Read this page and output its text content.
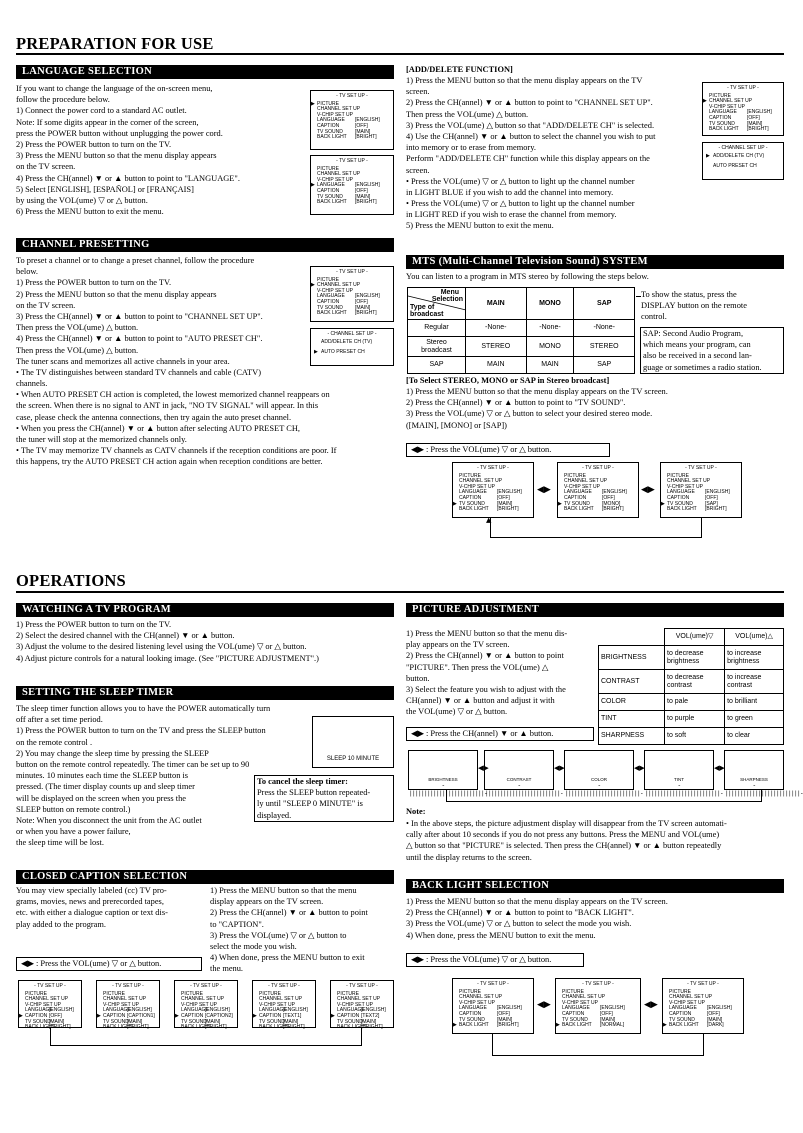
PREPARATION FOR USE
LANGUAGE SELECTION
If you want to change the language of the on-screen menu,
follow the procedure below.
1) Connect the power cord to a standard AC outlet.
Note: If some digits appear in the corner of the screen,
press the POWER button without unplugging the power cord.
2) Press the POWER button to turn on the TV.
3) Press the MENU button so that the menu display appears
on the TV screen.
4) Press the CH(annel) ▼ or ▲ button to point to "LANGUAGE".
5) Select [ENGLISH], [ESPAÑOL] or [FRANÇAIS]
by using the VOL(ume) ▽ or △ button.
6) Press the MENU button to exit the menu.
- TV SET UP -
▶ PICTURE
CHANNEL SET UP
V-CHIP SET UP
LANGUAGE [ENGLISH]
CAPTION	[OFF]
TV SOUND [MAIN]
BACK LIGHT [BRIGHT]
- TV SET UP -
PICTURE
CHANNEL SET UP
V-CHIP SET UP
▶ LANGUAGE [ENGLISH]
CAPTION	[OFF]
TV SOUND [MAIN]
BACK LIGHT [BRIGHT]
CHANNEL PRESETTING
To preset a channel or to change a preset channel, follow the procedure
below.
1) Press the POWER button to turn on the TV.
2) Press the MENU button so that the menu display appears
on the TV screen.
3) Press the CH(annel) ▼ or ▲ button to point to "CHANNEL SET UP".
Then press the VOL(ume) △ button.
4) Press the CH(annel) ▼ or ▲ button to point to "AUTO PRESET CH".
Then press the VOL(ume) △ button.
The tuner scans and memorizes all active channels in your area.
• The TV distinguishes between standard TV channels and cable (CATV)
channels.
• When AUTO PRESET CH action is completed, the lowest memorized channel reappears on
the screen. When there is no signal to ANT in jack, "NO TV SIGNAL" will appear. In this
case, please check the antenna connections, then try again the auto preset channel.
• When you press the CH(annel) ▼ or ▲ button after selecting AUTO PRESET CH,
the tuner will stop at the memorized channels only.
• The TV may memorize TV channels as CATV channels if the reception conditions are poor. If
this happens, try the AUTO PRESET CH action again when reception conditions are better.
- TV SET UP -
PICTURE
▶ CHANNEL SET UP
V-CHIP SET UP
LANGUAGE [ENGLISH]
CAPTION	[OFF]
TV SOUND [MAIN]
BACK LIGHT [BRIGHT]
- CHANNEL SET UP -
ADD/DELETE CH (TV)
▶ AUTO PRESET CH
[ADD/DELETE FUNCTION]
1) Press the MENU button so that the menu display appears on the TV
screen.
2) Press the CH(annel) ▼ or ▲ button to point to "CHANNEL SET UP".
Then press the VOL(ume) △ button.
3) Press the VOL(ume) △ button so that "ADD/DELETE CH" is selected.
4) Use the CH(annel) ▼ or ▲ button to select the channel you wish to put
into memory or to erase from memory.
Perform "ADD/DELETE CH" function while this display appears on the
screen.
• Press the VOL(ume) ▽ or △ button to light up the channel number
in LIGHT BLUE if you wish to add the channel into memory.
• Press the VOL(ume) ▽ or △ button to light up the channel number
in LIGHT RED if you wish to erase the channel from memory.
5) Press the MENU button to exit the menu.
- TV SET UP -
PICTURE
▶ CHANNEL SET UP
V-CHIP SET UP
LANGUAGE [ENGLISH]
CAPTION	[OFF]
TV SOUND [MAIN]
BACK LIGHT [BRIGHT]
- CHANNEL SET UP -
▶ ADD/DELETE CH (TV)
AUTO PRESET CH
MTS (Multi-Channel Television Sound) SYSTEM
You can listen to a program in MTS stereo by following the steps below.
Menu
Selection
Type of
broadcast	MAIN	MONO	SAP
Regular	-None-	-None-	-None-
Stereo broadcast	STEREO	MONO	STEREO
SAP	MAIN	MAIN	SAP
To show the status, press the
DISPLAY button on the remote
control.
SAP: Second Audio Program,
which means your program, can
also be received in a second lan-
guage or sometimes a radio station.
[To Select STEREO, MONO or SAP in Stereo broadcast]
1) Press the MENU button so that the menu display appears on the TV screen.
2) Press the CH(annel) ▼ or ▲ button to point to "TV SOUND".
3) Press the VOL(ume) ▽ or △ button to select your desired stereo mode.
([MAIN], [MONO] or [SAP])
◀▶ : Press the VOL(ume) ▽ or △ button.
- TV SET UP -
PICTURE
CHANNEL SET UP
V-CHIP SET UP
LANGUAGE [ENGLISH]
CAPTION	[OFF]
▶ TV SOUND [MAIN]
BACK LIGHT [BRIGHT]
- TV SET UP -
PICTURE
CHANNEL SET UP
V-CHIP SET UP
LANGUAGE [ENGLISH]
CAPTION	[OFF]
▶ TV SOUND [MONO]
BACK LIGHT [BRIGHT]
- TV SET UP -
PICTURE
CHANNEL SET UP
V-CHIP SET UP
LANGUAGE [ENGLISH]
CAPTION	[OFF]
▶ TV SOUND [SAP]
BACK LIGHT [BRIGHT]
◀▶	◀▶
▲
OPERATIONS
WATCHING A TV PROGRAM
1) Press the POWER button to turn on the TV.
2) Select the desired channel with the CH(annel) ▼ or ▲ button.
3) Adjust the volume to the desired listening level using the VOL(ume) ▽ or △ button.
4) Adjust picture controls for a natural looking image. (See "PICTURE ADJUSTMENT".)
SETTING THE SLEEP TIMER
The sleep timer function allows you to have the POWER automatically turn
off after a set time period.
1) Press the POWER button to turn on the TV and press the SLEEP button
on the remote control .
2) You may change the sleep time by pressing the SLEEP
button on the remote control repeatedly. The timer can be set up to 90
minutes. 10 minutes each time the SLEEP button is
pressed. (The timer display counts up and sleep timer
will be displayed on the screen when you press the
SLEEP button on remote control.)
Note: When you disconnect the unit from the AC outlet
or when you have a power failure,
the sleep time will be lost.
SLEEP 10 MINUTE
To cancel the sleep timer:
Press the SLEEP button repeated-
ly until "SLEEP 0 MINUTE" is
displayed.
CLOSED CAPTION SELECTION
You may view specially labeled (cc) TV pro-
grams, movies, news and prerecorded tapes,
etc. with either a dialogue caption or text dis-
play added to the program.
1) Press the MENU button so that the menu
display appears on the TV screen.
2) Press the CH(annel) ▼ or ▲ button to point
to "CAPTION".
3) Press the VOL(ume) ▽ or △ button to
select the mode you wish.
4) When done, press the MENU button to exit
the menu.
◀▶ : Press the VOL(ume) ▽ or △ button.
- TV SET UP -
PICTURE
CHANNEL SET UP
V-CHIP SET UP
LANGUAGE
[ENGLISH]
▶ CAPTION [OFF]
TV SOUND
[MAIN]
BACK LIGHT
[BRIGHT]
- TV SET UP -
PICTURE
CHANNEL SET UP
V-CHIP SET UP
LANGUAGE
[ENGLISH]
▶ CAPTION [CAPTION1]
TV SOUND
[MAIN]
BACK LIGHT
[BRIGHT]
- TV SET UP -
PICTURE
CHANNEL SET UP
V-CHIP SET UP
LANGUAGE
[ENGLISH]
▶ CAPTION [CAPTION2]
TV SOUND
[MAIN]
BACK LIGHT
[BRIGHT]
- TV SET UP -
PICTURE
CHANNEL SET UP
V-CHIP SET UP
LANGUAGE
[ENGLISH]
▶ CAPTION [TEXT1]
TV SOUND
[MAIN]
BACK LIGHT
[BRIGHT]
- TV SET UP -
PICTURE
CHANNEL SET UP
V-CHIP SET UP
LANGUAGE
[ENGLISH]
▶ CAPTION [TEXT2]
TV SOUND
[MAIN]
BACK LIGHT
[BRIGHT]
PICTURE ADJUSTMENT
1) Press the MENU button so that the menu dis-
play appears on the TV screen.
2) Press the CH(annel) ▼ or ▲ button to point
"PICTURE". Then press the VOL(ume) △
button.
3) Select the feature you wish to adjust with the
CH(annel) ▼ or ▲ button and adjust it with
the VOL(ume) ▽ or △ button.
	VOL(ume)▽	VOL(ume)△
BRIGHTNESS	to decrease brightness	to increase brightness
CONTRAST	to decrease contrast	to increase contrast
COLOR	to pale	to brilliant
TINT	to purple	to green
SHARPNESS	to soft	to clear
◀▶ : Press the CH(annel) ▼ or ▲ button.
BRIGHTNESS
-|||||||||||||||||||||||||-
◀▶
CONTRAST
-|||||||||||||||||||||||||-
◀▶
COLOR
-|||||||||||||||||||||||||-
◀▶
TINT
-|||||||||||||||||||||||||-
◀▶
SHARPNESS
-|||||||||||||||||||||||||-
Note:
• In the above steps, the picture adjustment display will disappear from the TV screen automati-
cally after about 10 seconds if you do not press any buttons. Press the MENU and VOL(ume)
△ button so that "PICTURE" is selected. Then press the CH(annel) ▼ or ▲ button repeatedly
until the display returns to the screen.
BACK LIGHT SELECTION
1) Press the MENU button so that the menu display appears on the TV screen.
2) Press the CH(annel) ▼ or ▲ button to point to "BACK LIGHT".
3) Press the VOL(ume) ▽ or △ button to select the mode you wish.
4) When done, press the MENU button to exit the menu.
◀▶ : Press the VOL(ume) ▽ or △ button.
- TV SET UP -
PICTURE
CHANNEL SET UP
V-CHIP SET UP
LANGUAGE [ENGLISH]
CAPTION	[OFF]
TV SOUND [MAIN]
▶ BACK LIGHT [BRIGHT]
- TV SET UP -
PICTURE
CHANNEL SET UP
V-CHIP SET UP
LANGUAGE [ENGLISH]
CAPTION	[OFF]
TV SOUND [MAIN]
▶ BACK LIGHT [NORMAL]
- TV SET UP -
PICTURE
CHANNEL SET UP
V-CHIP SET UP
LANGUAGE [ENGLISH]
CAPTION	[OFF]
TV SOUND [MAIN]
▶ BACK LIGHT [DARK]
◀▶	◀▶
